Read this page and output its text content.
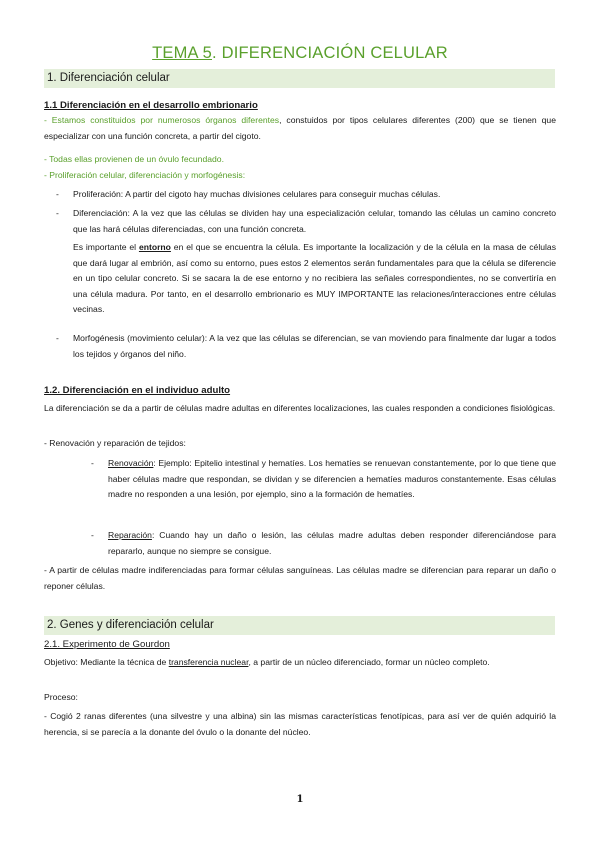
TEMA 5. DIFERENCIACIÓN CELULAR
1. Diferenciación celular
1.1 Diferenciación en el desarrollo embrionario
- Estamos constituidos por numerosos órganos diferentes, constuidos por tipos celulares diferentes (200) que se tienen que especializar con una función concreta, a partir del cigoto.
- Todas ellas provienen de un óvulo fecundado.
- Proliferación celular, diferenciación y morfogénesis:
- Proliferación: A partir del cigoto hay muchas divisiones celulares para conseguir muchas células.
- Diferenciación: A la vez que las células se dividen hay una especialización celular, tomando las células un camino concreto que las hará células diferenciadas, con una función concreta.
Es importante el entorno en el que se encuentra la célula. Es importante la localización y de la célula en la masa de células que dará lugar al embrión, así como su entorno, pues estos 2 elementos serán fundamentales para que la célula se diferencie en un tipo celular concreto. Si se sacara la de ese entorno y no recibiera las señales correspondientes, no se convertiría en una célula madura. Por tanto, en el desarrollo embrionario es MUY IMPORTANTE las relaciones/interacciones entre células vecinas.
- Morfogénesis (movimiento celular): A la vez que las células se diferencian, se van moviendo para finalmente dar lugar a todos los tejidos y órganos del niño.
1.2. Diferenciación en el individuo adulto
La diferenciación se da a partir de células madre adultas en diferentes localizaciones, las cuales responden a condiciones fisiológicas.
- Renovación y reparación de tejidos:
- Renovación: Ejemplo: Epitelio intestinal y hematíes. Los hematíes se renuevan constantemente, por lo que tiene que haber células madre que respondan, se dividan y se diferencien a hematíes maduros constantemente. Esas células madre no responden a una lesión, por ejemplo, sino a la formación de hematíes.
- Reparación: Cuando hay un daño o lesión, las células madre adultas deben responder diferenciándose para repararlo, aunque no siempre se consigue.
- A partir de células madre indiferenciadas para formar células sanguíneas. Las células madre se diferencian para reparar un daño o reponer células.
2. Genes y diferenciación celular
2.1. Experimento de Gourdon
Objetivo: Mediante la técnica de transferencia nuclear, a partir de un núcleo diferenciado, formar un núcleo completo.
Proceso:
- Cogió 2 ranas diferentes (una silvestre y una albina) sin las mismas características fenotípicas, para así ver de quién adquirió la herencia, si se parecía a la donante del óvulo o la donante del núcleo.
1
